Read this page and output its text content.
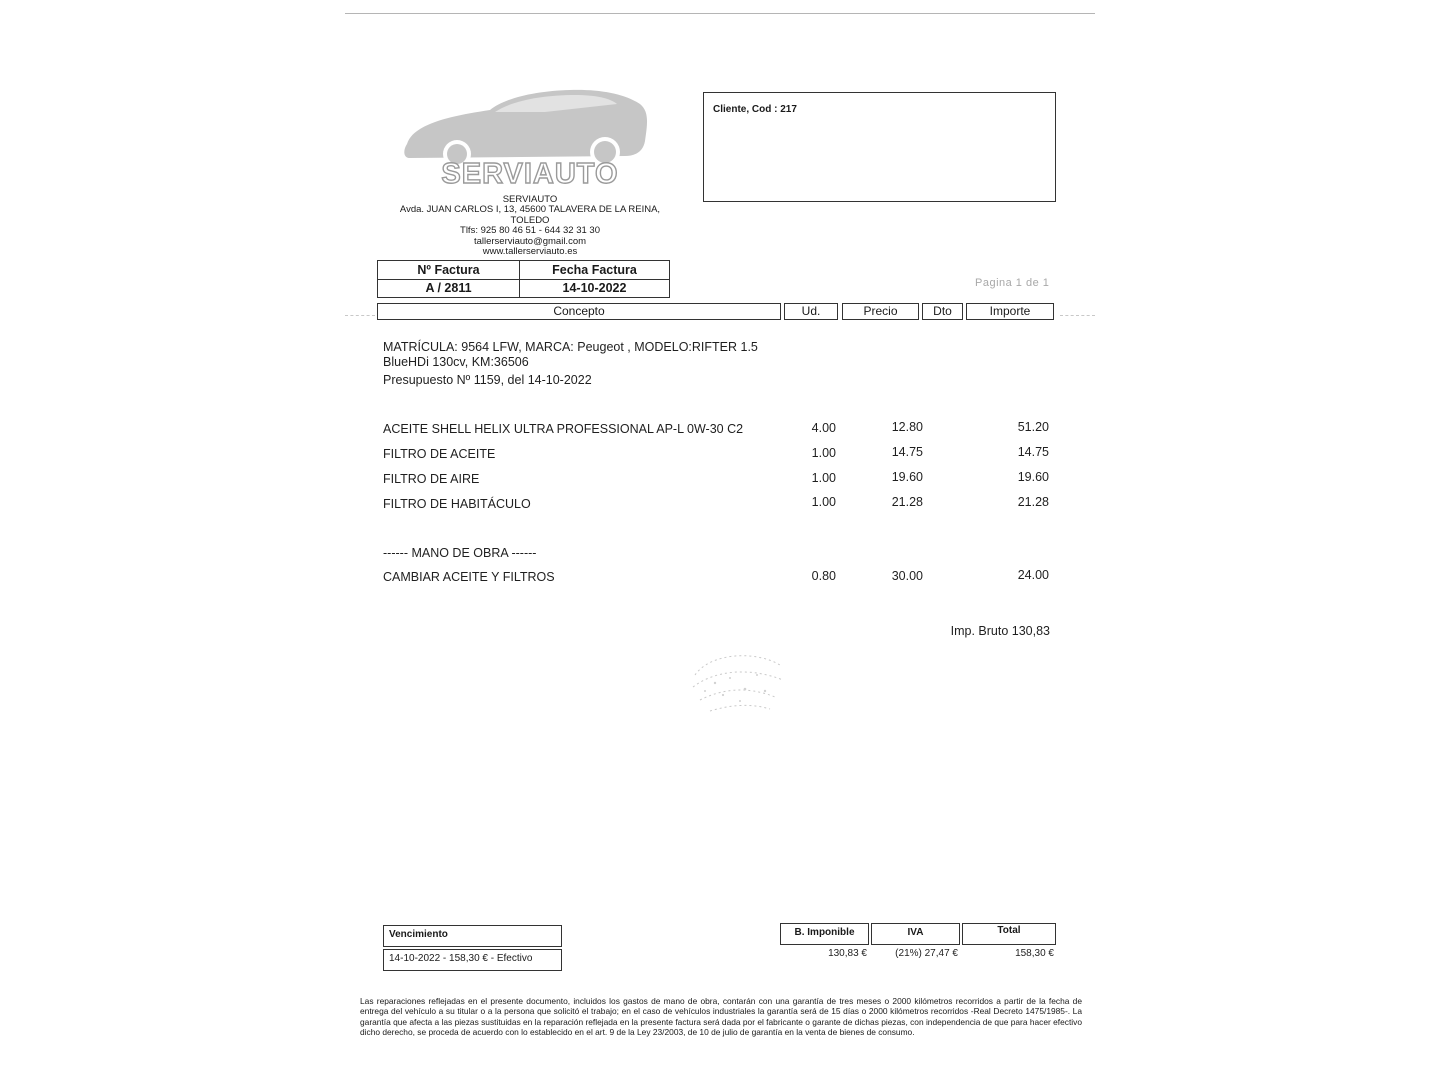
SERVIAUTO
SERVIAUTO
Avda. JUAN CARLOS I, 13, 45600 TALAVERA DE LA REINA,
TOLEDO
Tlfs: 925 80 46 51 - 644 32 31 30
tallerserviauto@gmail.com
www.tallerserviauto.es
Cliente, Cod : 217
Nº Factura	Fecha Factura
A / 2811	14-10-2022	Pagina 1 de 1
Concepto	Ud.	Precio	Dto	Importe
MATRÍCULA: 9564 LFW, MARCA: Peugeot , MODELO:RIFTER 1.5
BlueHDi 130cv, KM:36506
Presupuesto Nº 1159, del 14-10-2022
ACEITE SHELL HELIX ULTRA PROFESSIONAL AP-L 0W-30 C2	4.00	12.80	51.20
FILTRO DE ACEITE	1.00	14.75	14.75
FILTRO DE AIRE	1.00	19.60	19.60
FILTRO DE HABITÁCULO	1.00	21.28	21.28
------ MANO DE OBRA ------
CAMBIAR ACEITE Y FILTROS	0.80	30.00	24.00
Imp. Bruto 130,83
Vencimiento
14-10-2022 - 158,30 € - Efectivo
B. Imponible	IVA	Total
130,83 €	(21%) 27,47 €	158,30 €
Las reparaciones reflejadas en el presente documento, incluidos los gastos de mano de obra, contarán con una garantía de tres meses o 2000 kilómetros recorridos a partir de la fecha de entrega del vehículo a su titular o a la persona que solicitó el trabajo; en el caso de vehículos industriales la garantía será de 15 días o 2000 kilómetros recorridos -Real Decreto 1475/1985-. La garantía que afecta a las piezas sustituidas en la reparación reflejada en la presente factura será dada por el fabricante o garante de dichas piezas, con independencia de que para hacer efectivo dicho derecho, se proceda de acuerdo con lo establecido en el art. 9 de la Ley 23/2003, de 10 de julio de garantía en la venta de bienes de consumo.
